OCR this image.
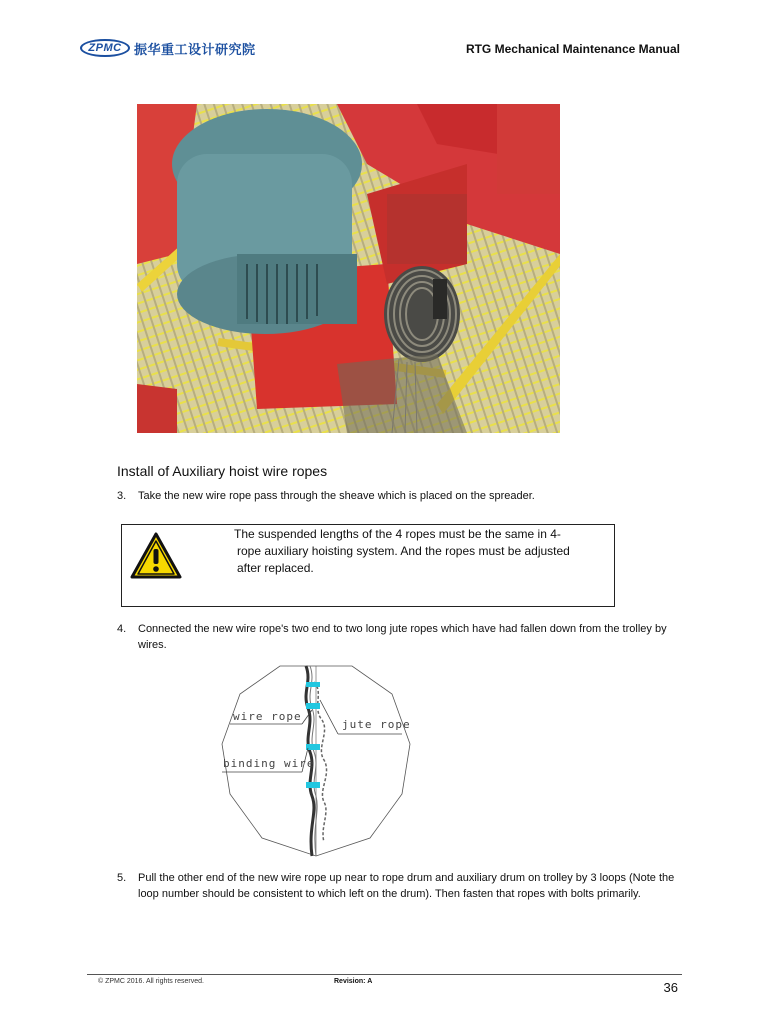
ZPMC 振华重工设计研究院	RTG Mechanical Maintenance Manual
Install of Auxiliary hoist wire ropes
3. Take the new wire rope pass through the sheave which is placed on the spreader.
The suspended lengths of the 4 ropes must be the same in 4-
rope auxiliary hoisting system. And the ropes must be adjusted
after replaced.
4. Connected the new wire rope's two end to two long jute ropes which have had fallen down from the trolley by wires.
wire rope
jute rope
binding wire
5. Pull the other end of the new wire rope up near to rope drum and auxiliary drum on trolley by 3 loops (Note the loop number should be consistent to which left on the drum). Then fasten that ropes with bolts primarily.
© ZPMC 2016. All rights reserved.	Revision: A	36
